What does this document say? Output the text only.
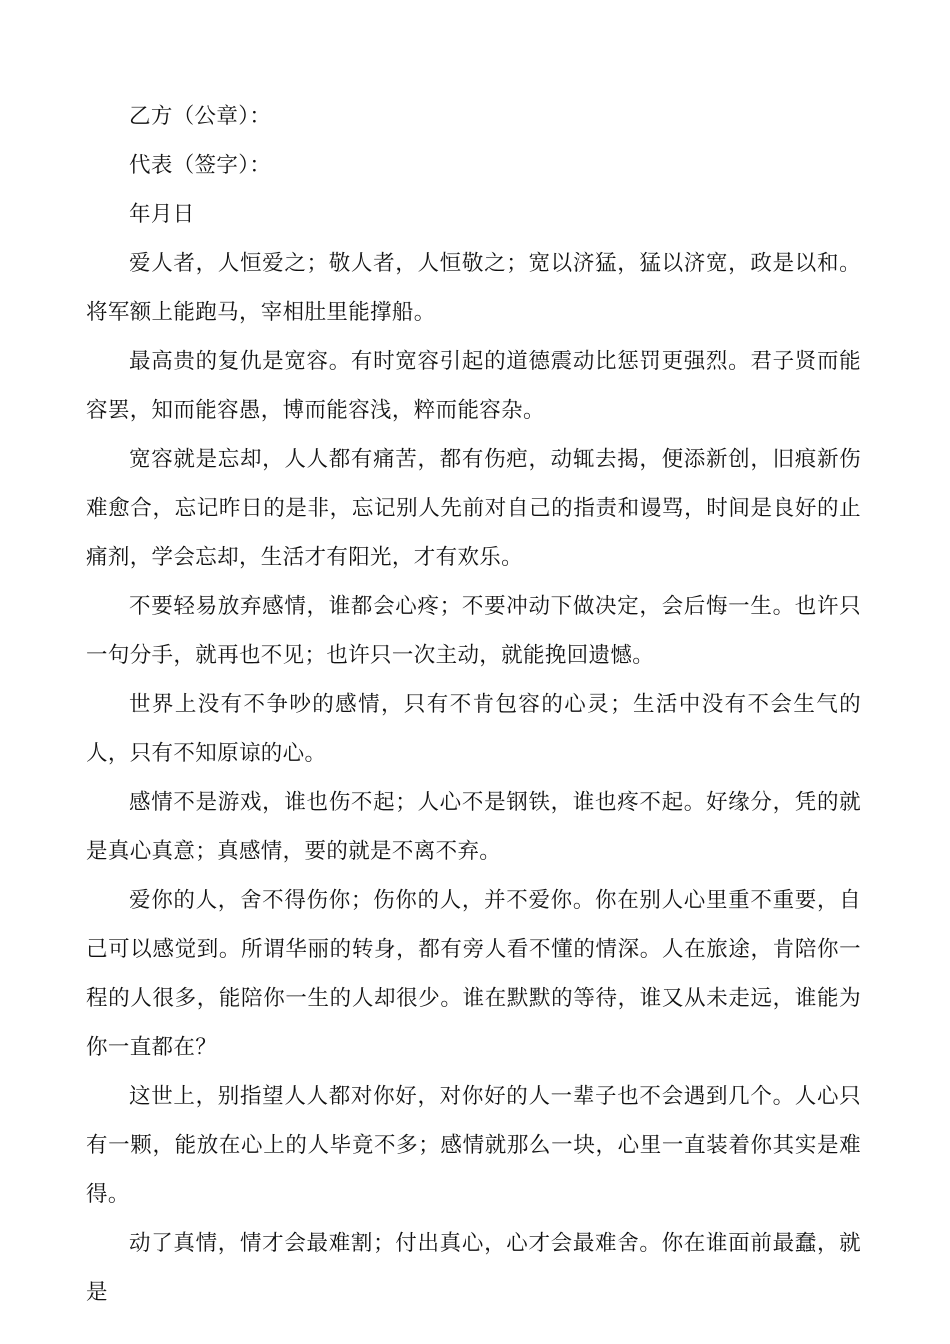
乙方（公章）：

代表（签字）：

年月日

爱人者，人恒爱之；敬人者，人恒敬之；宽以济猛，猛以济宽，政是以和。将军额上能跑马，宰相肚里能撑船。

最高贵的复仇是宽容。有时宽容引起的道德震动比惩罚更强烈。君子贤而能容罢，知而能容愚，博而能容浅，粹而能容杂。

宽容就是忘却，人人都有痛苦，都有伤疤，动辄去揭，便添新创，旧痕新伤难愈合，忘记昨日的是非，忘记别人先前对自己的指责和谩骂，时间是良好的止痛剂，学会忘却，生活才有阳光，才有欢乐。

不要轻易放弃感情，谁都会心疼；不要冲动下做决定，会后悔一生。也许只一句分手，就再也不见；也许只一次主动，就能挽回遗憾。

世界上没有不争吵的感情，只有不肯包容的心灵；生活中没有不会生气的人，只有不知原谅的心。

感情不是游戏，谁也伤不起；人心不是钢铁，谁也疼不起。好缘分，凭的就是真心真意；真感情，要的就是不离不弃。

爱你的人，舍不得伤你；伤你的人，并不爱你。你在别人心里重不重要，自己可以感觉到。所谓华丽的转身，都有旁人看不懂的情深。人在旅途，肯陪你一程的人很多，能陪你一生的人却很少。谁在默默的等待，谁又从未走远，谁能为你一直都在？

这世上，别指望人人都对你好，对你好的人一辈子也不会遇到几个。人心只有一颗，能放在心上的人毕竟不多；感情就那么一块，心里一直装着你其实是难得。

动了真情，情才会最难割；付出真心，心才会最难舍。你在谁面前最蠢，就是
